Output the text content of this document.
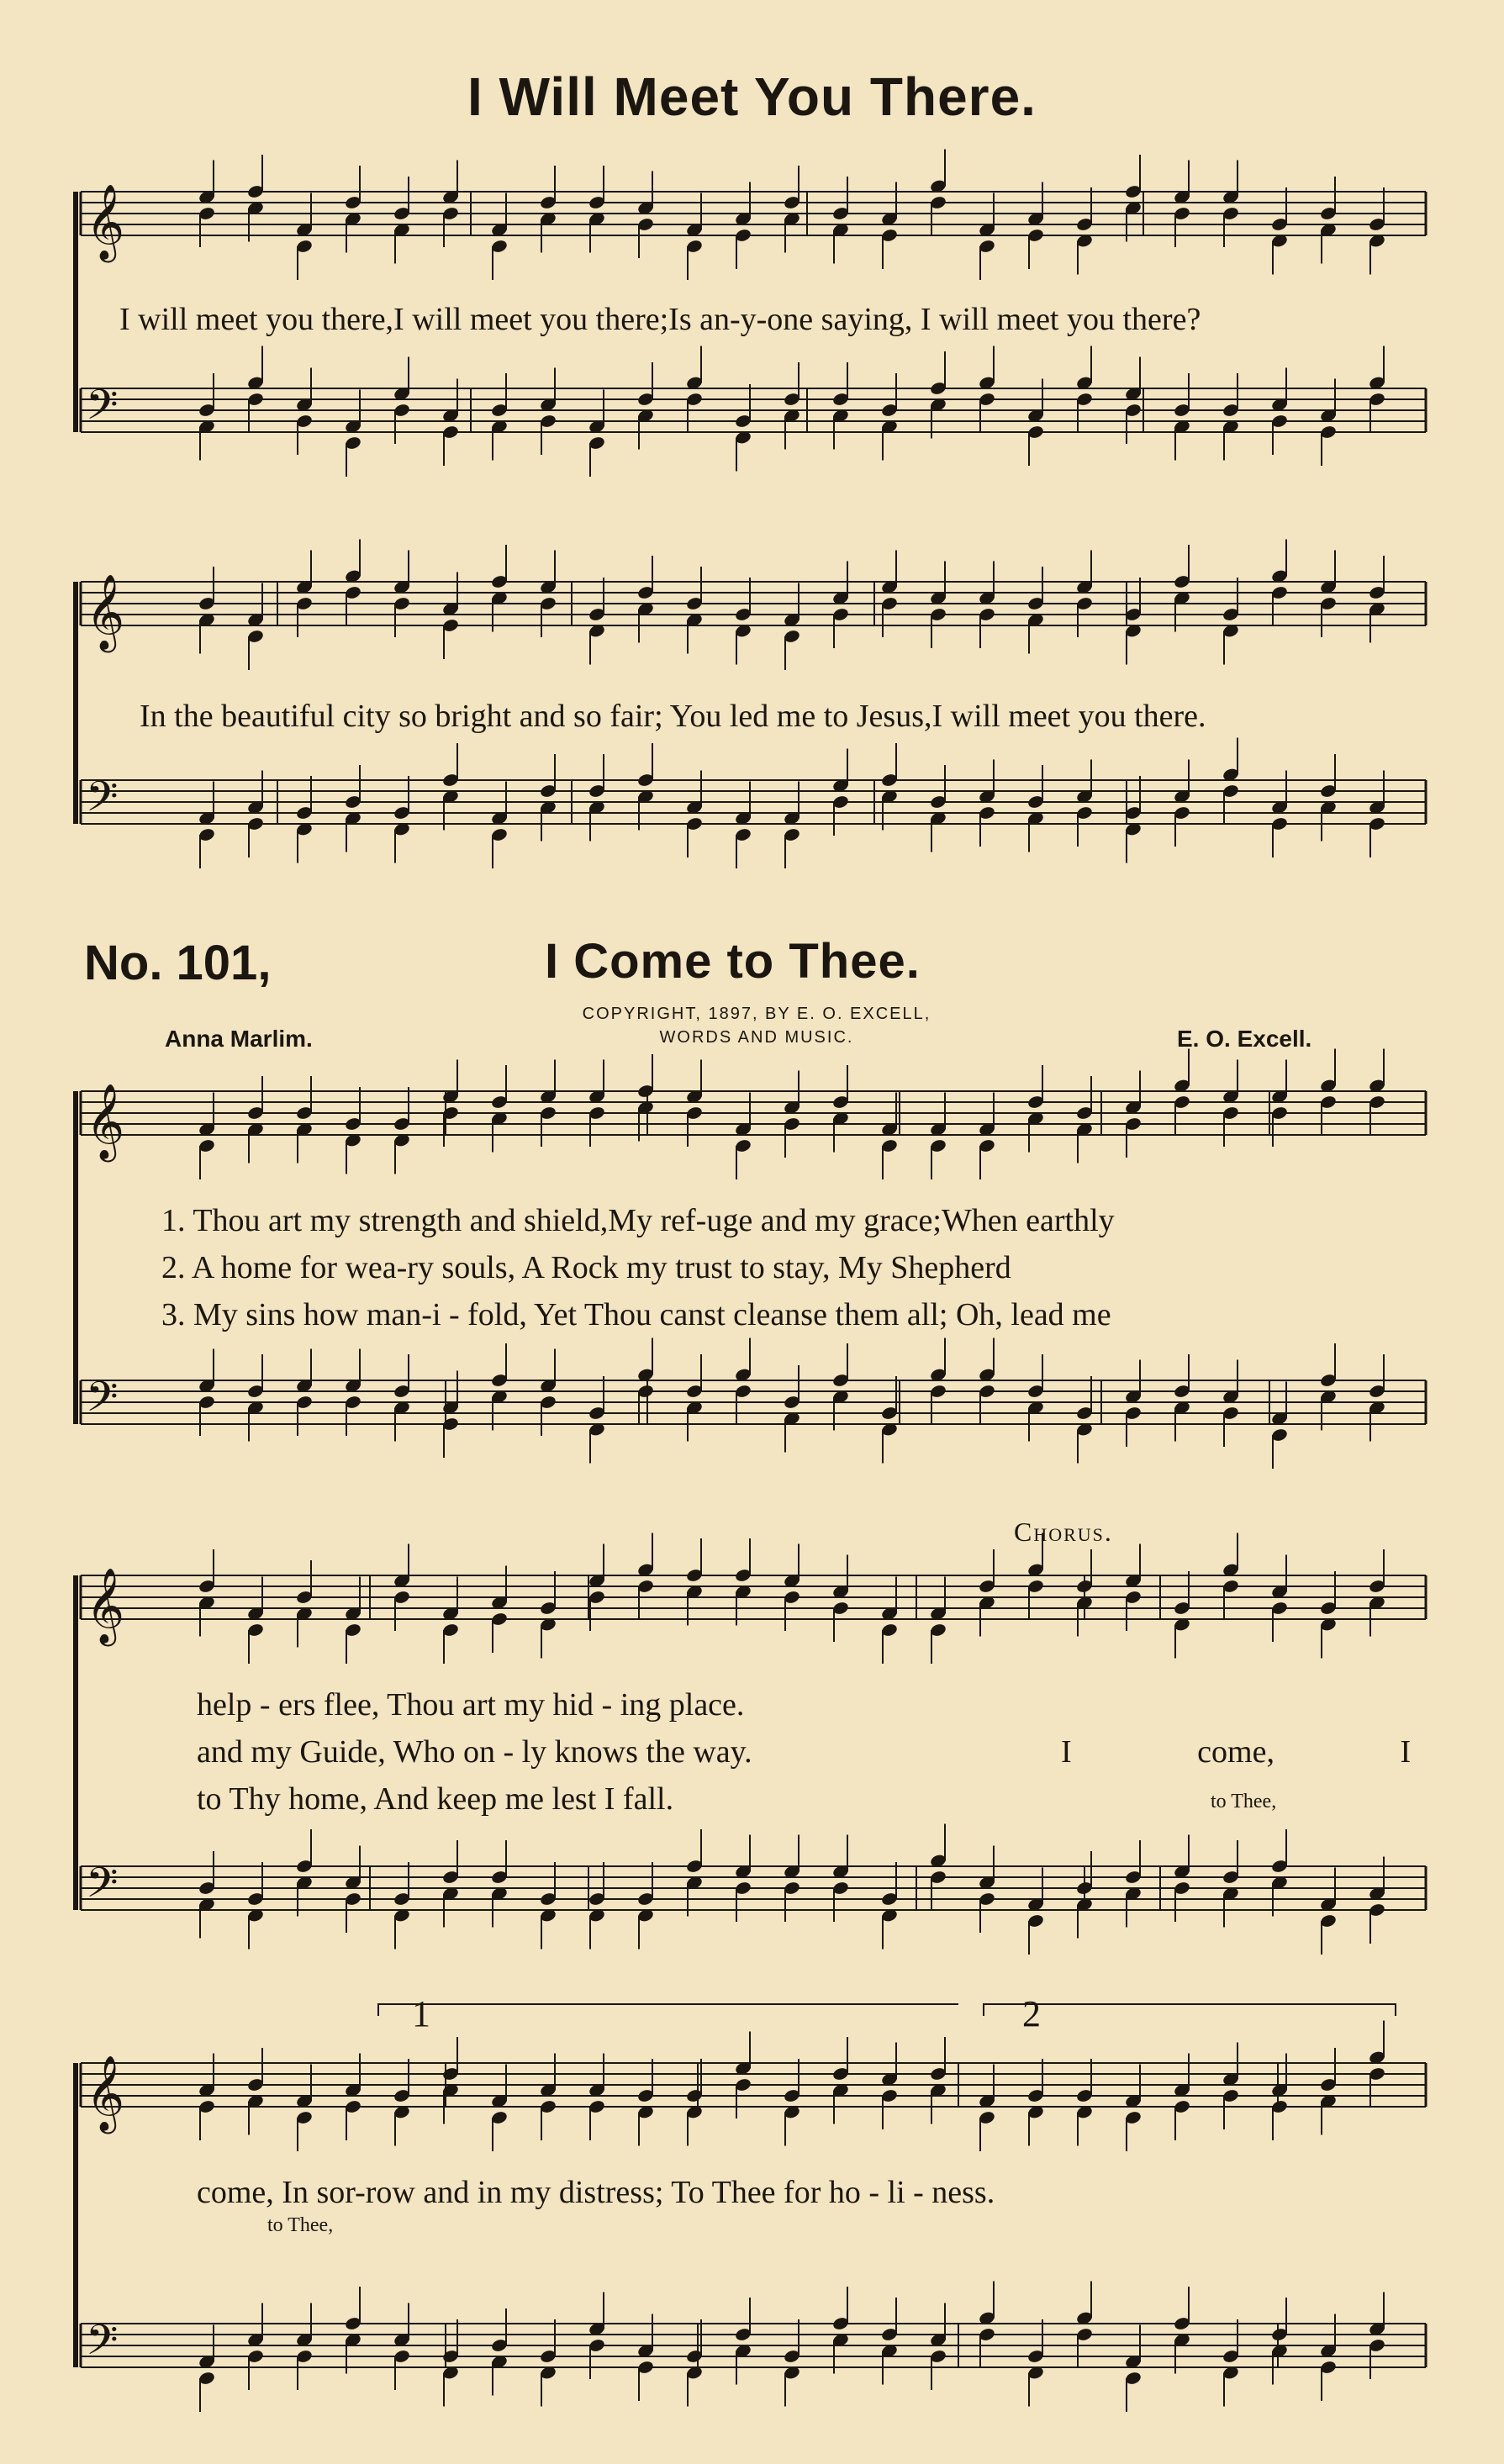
𝄞
𝄢
𝄞
𝄢
𝄞
𝄢
𝄞
𝄢
𝄞
𝄢
I Will Meet You There.
I will meet you there,I will meet you there;Is an-y-one saying, I will meet you there?
In the beautiful city so bright and so fair; You led me to Jesus,I will meet you there.
No. 101,	I Come to Thee.
COPYRIGHT, 1897, BY E. O. EXCELL,
WORDS AND MUSIC.
Anna Marlim.	E. O. Excell.
1. Thou art my strength and shield,My ref-uge and my grace;When earthly
2. A home for wea-ry souls, A Rock my trust to stay, My Shepherd
3. My sins how man-i - fold, Yet Thou canst cleanse them all; Oh, lead me
Chorus.
help - ers flee, Thou art my hid - ing place.
and my Guide, Who on - ly knows the way.
to Thy home, And keep me lest I fall.
I come, I
to Thee,
1	2
come, In sor-row and in my distress; To Thee for ho - li - ness.
to Thee,
